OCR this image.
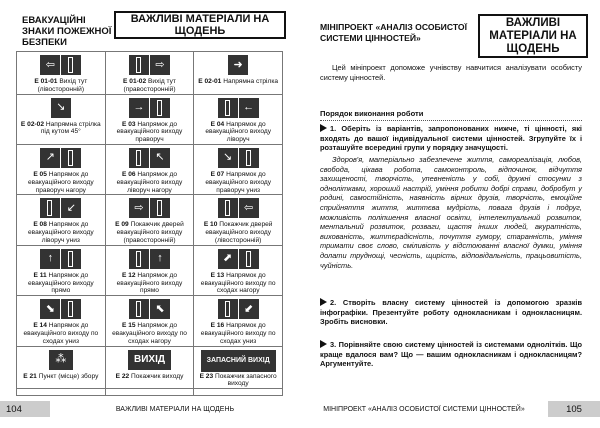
ЕВАКУАЦІЙНІ ЗНАКИ ПОЖЕЖНОЇ БЕЗПЕКИ
ВАЖЛИВІ МАТЕРІАЛИ НА ЩОДЕНЬ
⇦
E 01-01 Вихід тут (лівосторонній)
⇨
E 01-02 Вихід тут (правосторонній)
➜
E 02-01 Напрямна стрілка
↘
E 02-02 Напрямна стрілка під кутом 45°
→
E 03 Напрямок до евакуаційного виходу праворуч
←
E 04 Напрямок до евакуаційного виходу ліворуч
↗
E 05 Напрямок до евакуаційного виходу праворуч нагору
↖
E 06 Напрямок до евакуаційного виходу ліворуч нагору
↘
E 07 Напрямок до евакуаційного виходу праворуч униз
↙
E 08 Напрямок до евакуаційного виходу ліворуч униз
⇨
E 09 Покажчик дверей евакуаційного виходу (правосторонній)
⇦
E 10 Покажчик дверей евакуаційного виходу (лівосторонній)
↑
E 11 Напрямок до евакуаційного виходу прямо
↑
E 12 Напрямок до евакуаційного виходу прямо
⬈
E 13 Напрямок до евакуаційного виходу по сходах нагору
⬊
E 14 Напрямок до евакуаційного виходу по сходах униз
⬉
E 15 Напрямок до евакуаційного виходу по сходах нагору
⬋
E 16 Напрямок до евакуаційного виходу по сходах униз
⁂
E 21 Пункт (місце) збору
ВИХІД
E 22 Покажчик виходу
ЗАПАСНИЙ ВИХІД
E 23 Покажчик запасного виходу
104	ВАЖЛИВІ МАТЕРІАЛИ НА ЩОДЕНЬ
МІНІПРОЕКТ «АНАЛІЗ ОСОБИСТОЇ СИСТЕМИ ЦІННОСТЕЙ»
ВАЖЛИВІ МАТЕРІАЛИ НА ЩОДЕНЬ
Цей мініпроект допоможе учнівству навчитися аналізувати особисту систему цінностей.
Порядок виконання роботи
1. Оберіть із варіантів, запропонованих нижче, ті цінності, які входять до вашої індивідуальної системи цінностей. Згрупуйте їх і розташуйте всередині групи у порядку значущості.
Здоров'я, матеріально забезпечене життя, самореалізація, любов, свобода, цікава робота, самоконтроль, відпочинок, відчуття захищеності, творчість, упевненість у собі, дружні стосунки з однолітками, хороший настрій, уміння робити добрі справи, добробут у родині, самостійність, наявність вірних друзів, творчість, емоційне сприйняття життя, життєва мудрість, повага друзів і подруг, можливість поліпшення власної освіти, інтелектуальний розвиток, ментальний розвиток, розваги, щастя інших людей, акуратність, вихованість, життєрадісність, почуття гумору, старанність, уміння тримати своє слово, сміливість у відстоюванні власної думки, уміння долати труднощі, чесність, щирість, відповідальність, працьовитість, чуйність.
2. Створіть власну систему цінностей із допомогою зразків інфографіки. Презентуйте роботу однокласникам і однокласницям. Зробіть висновки.
3. Порівняйте свою систему цінностей із системами однолітків. Що краще вдалося вам? Що — вашим однокласникам і однокласницям? Аргументуйте.
МІНІПРОЕКТ «АНАЛІЗ ОСОБИСТОЇ СИСТЕМИ ЦІННОСТЕЙ»	105
